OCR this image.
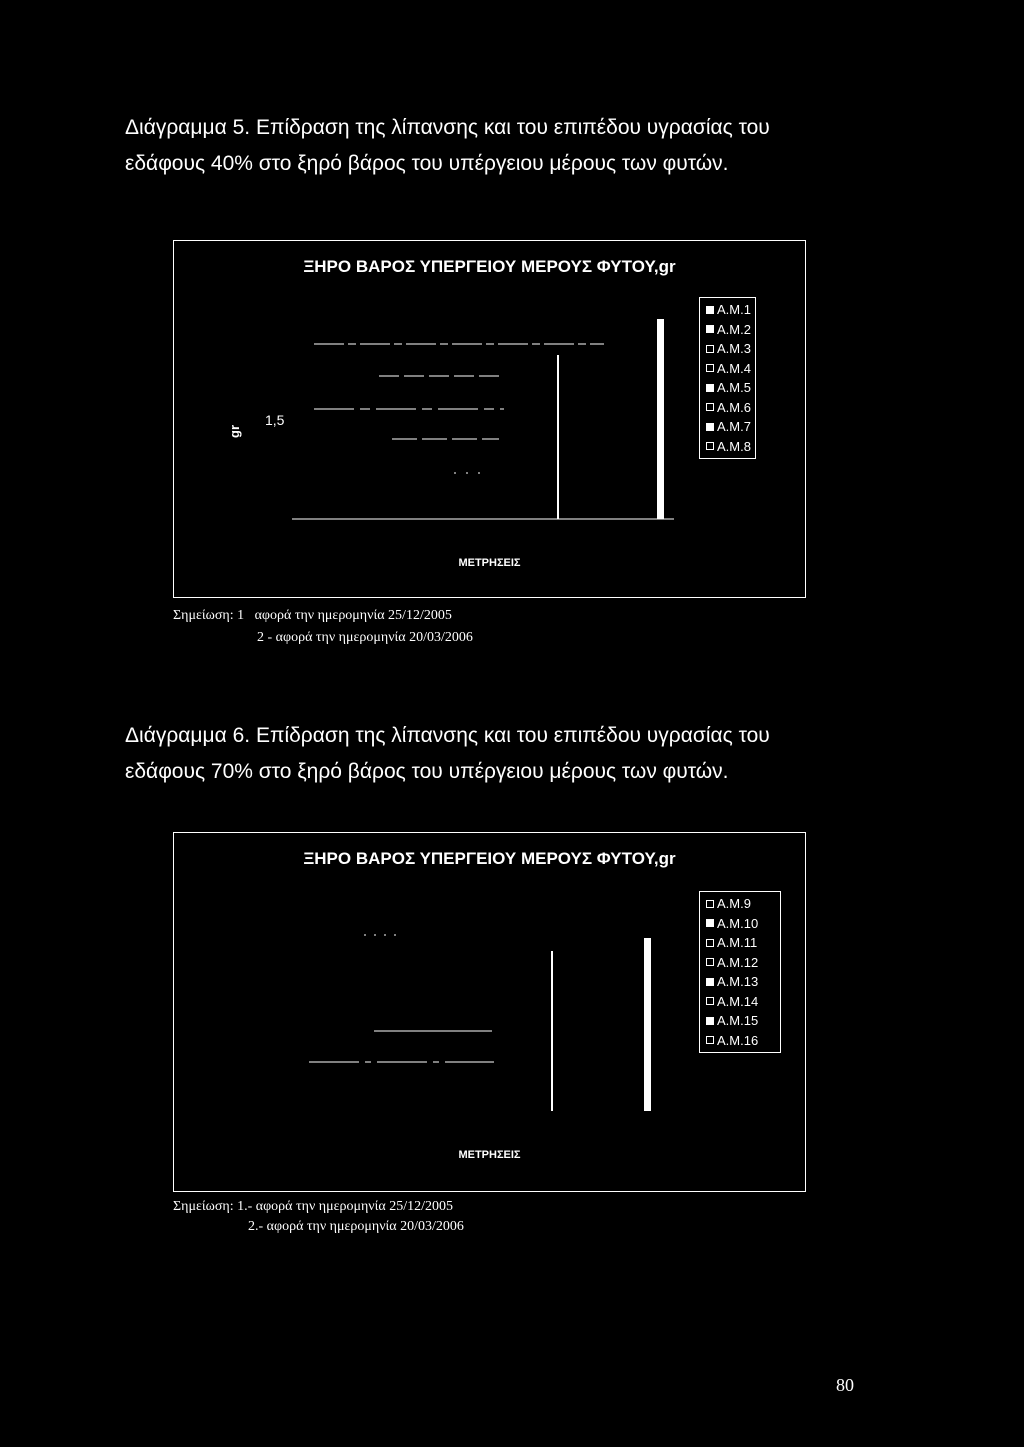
Διάγραμμα 5. Επίδραση της λίπανσης και του επιπέδου υγρασίας του
εδάφους 40% στο ξηρό βάρος του υπέργειου μέρους των φυτών.
ΞΗΡΟ ΒΑΡΟΣ ΥΠΕΡΓΕΙΟΥ ΜΕΡΟΥΣ ΦΥΤΟΥ,gr
gr
1,5
Α.Μ.1
Α.Μ.2
Α.Μ.3
Α.Μ.4
Α.Μ.5
Α.Μ.6
Α.Μ.7
Α.Μ.8
ΜΕΤΡΗΣΕΙΣ
Σημείωση: 1   αφορά την ημερομηνία 25/12/2005
2 - αφορά την ημερομηνία 20/03/2006
Διάγραμμα 6. Επίδραση της λίπανσης και του επιπέδου υγρασίας του
εδάφους 70% στο ξηρό βάρος του υπέργειου μέρους των φυτών.
ΞΗΡΟ ΒΑΡΟΣ ΥΠΕΡΓΕΙΟΥ ΜΕΡΟΥΣ ΦΥΤΟΥ,gr
Α.Μ.9
Α.Μ.10
Α.Μ.11
Α.Μ.12
Α.Μ.13
Α.Μ.14
Α.Μ.15
Α.Μ.16
ΜΕΤΡΗΣΕΙΣ
Σημείωση: 1.- αφορά την ημερομηνία 25/12/2005
2.- αφορά την ημερομηνία 20/03/2006
80
